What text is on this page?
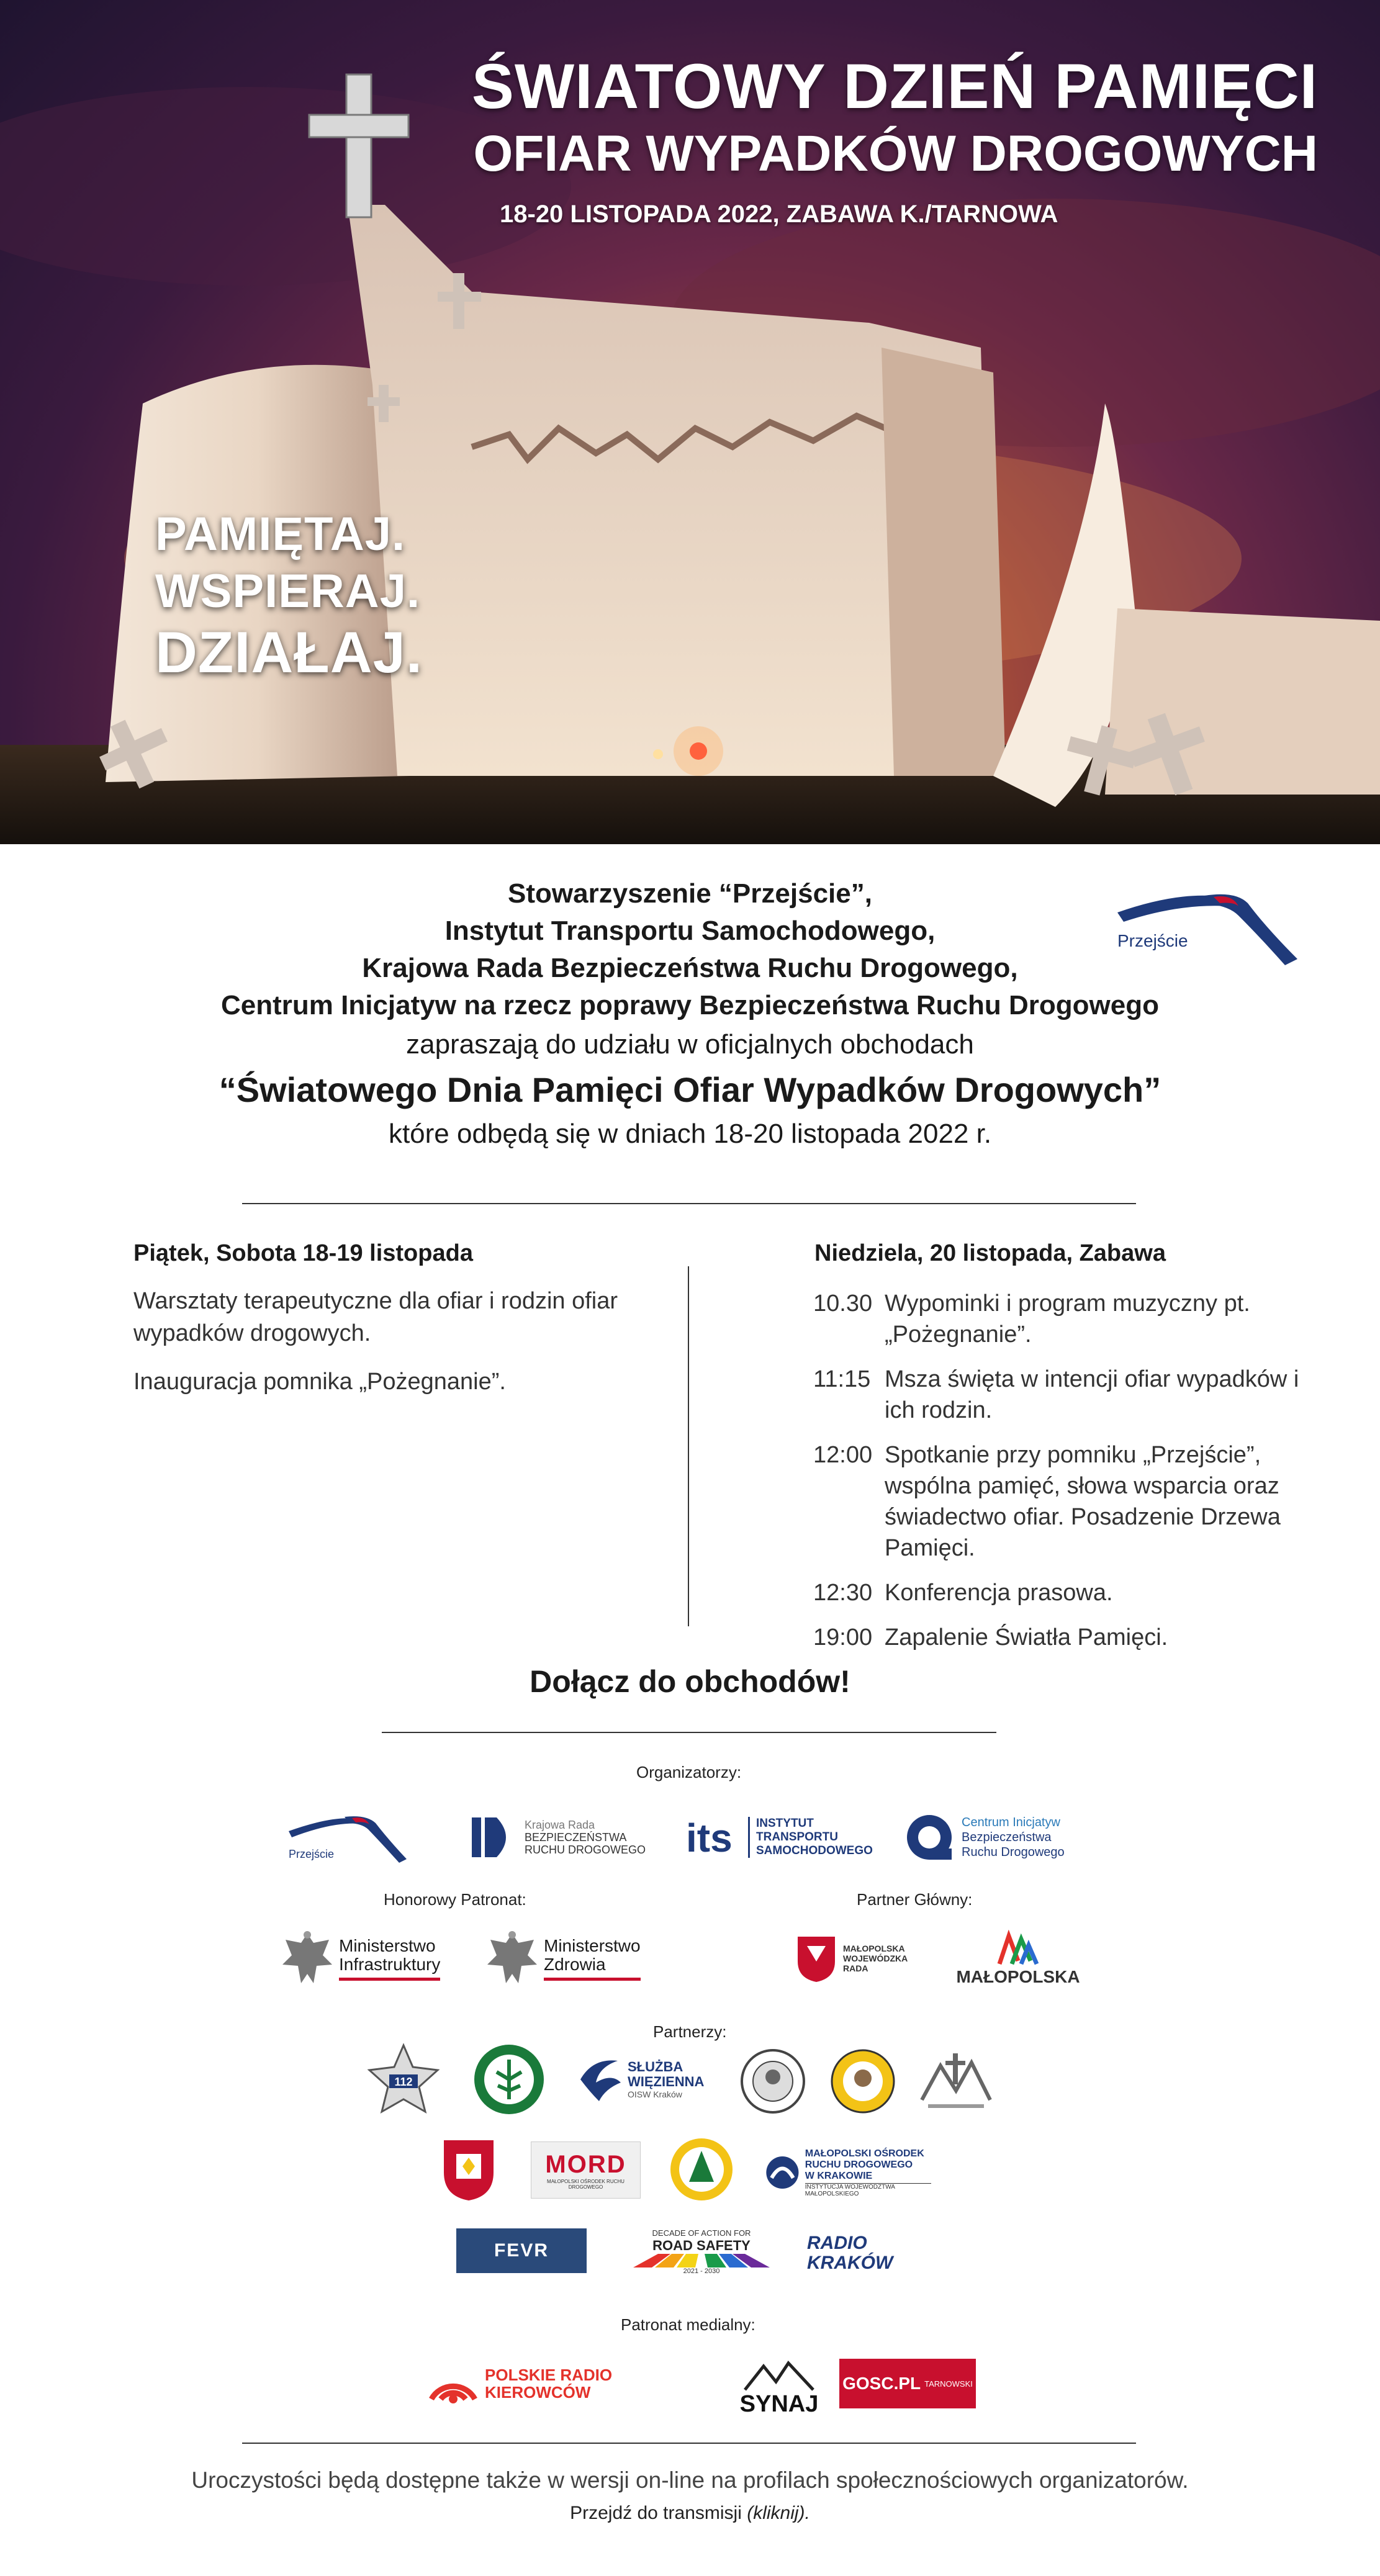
ŚWIATOWY DZIEŃ PAMIĘCI
OFIAR WYPADKÓW DROGOWYCH
18-20 LISTOPADA 2022, ZABAWA K./TARNOWA
PAMIĘTAJ.
WSPIERAJ.
DZIAŁAJ.
Stowarzyszenie “Przejście”,
Instytut Transportu Samochodowego,
Krajowa Rada Bezpieczeństwa Ruchu Drogowego,
Centrum Inicjatyw na rzecz poprawy Bezpieczeństwa Ruchu Drogowego
zapraszają do udziału w oficjalnych obchodach
“Światowego Dnia Pamięci Ofiar Wypadków Drogowych”
które odbędą się w dniach 18-20 listopada 2022 r.
Przejście
Piątek, Sobota 18-19 listopada

Warsztaty terapeutyczne dla ofiar i rodzin ofiar wypadków drogowych.

Inauguracja pomnika „Pożegnanie”.

Niedziela, 20 listopada, Zabawa
10.30 Wypominki i program muzyczny pt. „Pożegnanie”.
11:15 Msza święta w intencji ofiar wypadków i ich rodzin.
12:00 Spotkanie przy pomniku „Przejście”, wspólna pamięć, słowa wsparcia oraz świadectwo ofiar. Posadzenie Drzewa Pamięci.
12:30 Konferencja prasowa.
19:00 Zapalenie Światła Pamięci.
Dołącz do obchodów!
Organizatorzy:
Przejście
Krajowa Rada
BEZPIECZEŃSTWA
RUCHU DROGOWEGO its INSTYTUT
TRANSPORTU
SAMOCHODOWEGO
Centrum Inicjatyw
Bezpieczeństwa
Ruchu Drogowego
Honorowy Patronat:	Partner Główny:
Ministerstwo
Infrastruktury
Ministerstwo
Zdrowia
MAŁOPOLSKA
WOJEWÓDZKA
RADA	MAŁOPOLSKA
Partnerzy:
112
SŁUŻBA
WIĘZIENNA
OISW Kraków
MORD
MAŁOPOLSKI OŚRODEK RUCHU DROGOWEGO
MAŁOPOLSKI OŚRODEK
RUCHU DROGOWEGO
W KRAKOWIE
INSTYTUCJA WOJEWÓDZTWA MAŁOPOLSKIEGO
FEVR
DECADE OF ACTION FOR
ROAD SAFETY
2021 - 2030
RADIO
KRAKÓW
Patronat medialny:
POLSKIE RADIO
KIEROWCÓW	SYNAJ
GOSC.PL TARNOWSKI
Uroczystości będą dostępne także w wersji on-line na profilach społecznościowych organizatorów.
Przejdź do transmisji (kliknij).
